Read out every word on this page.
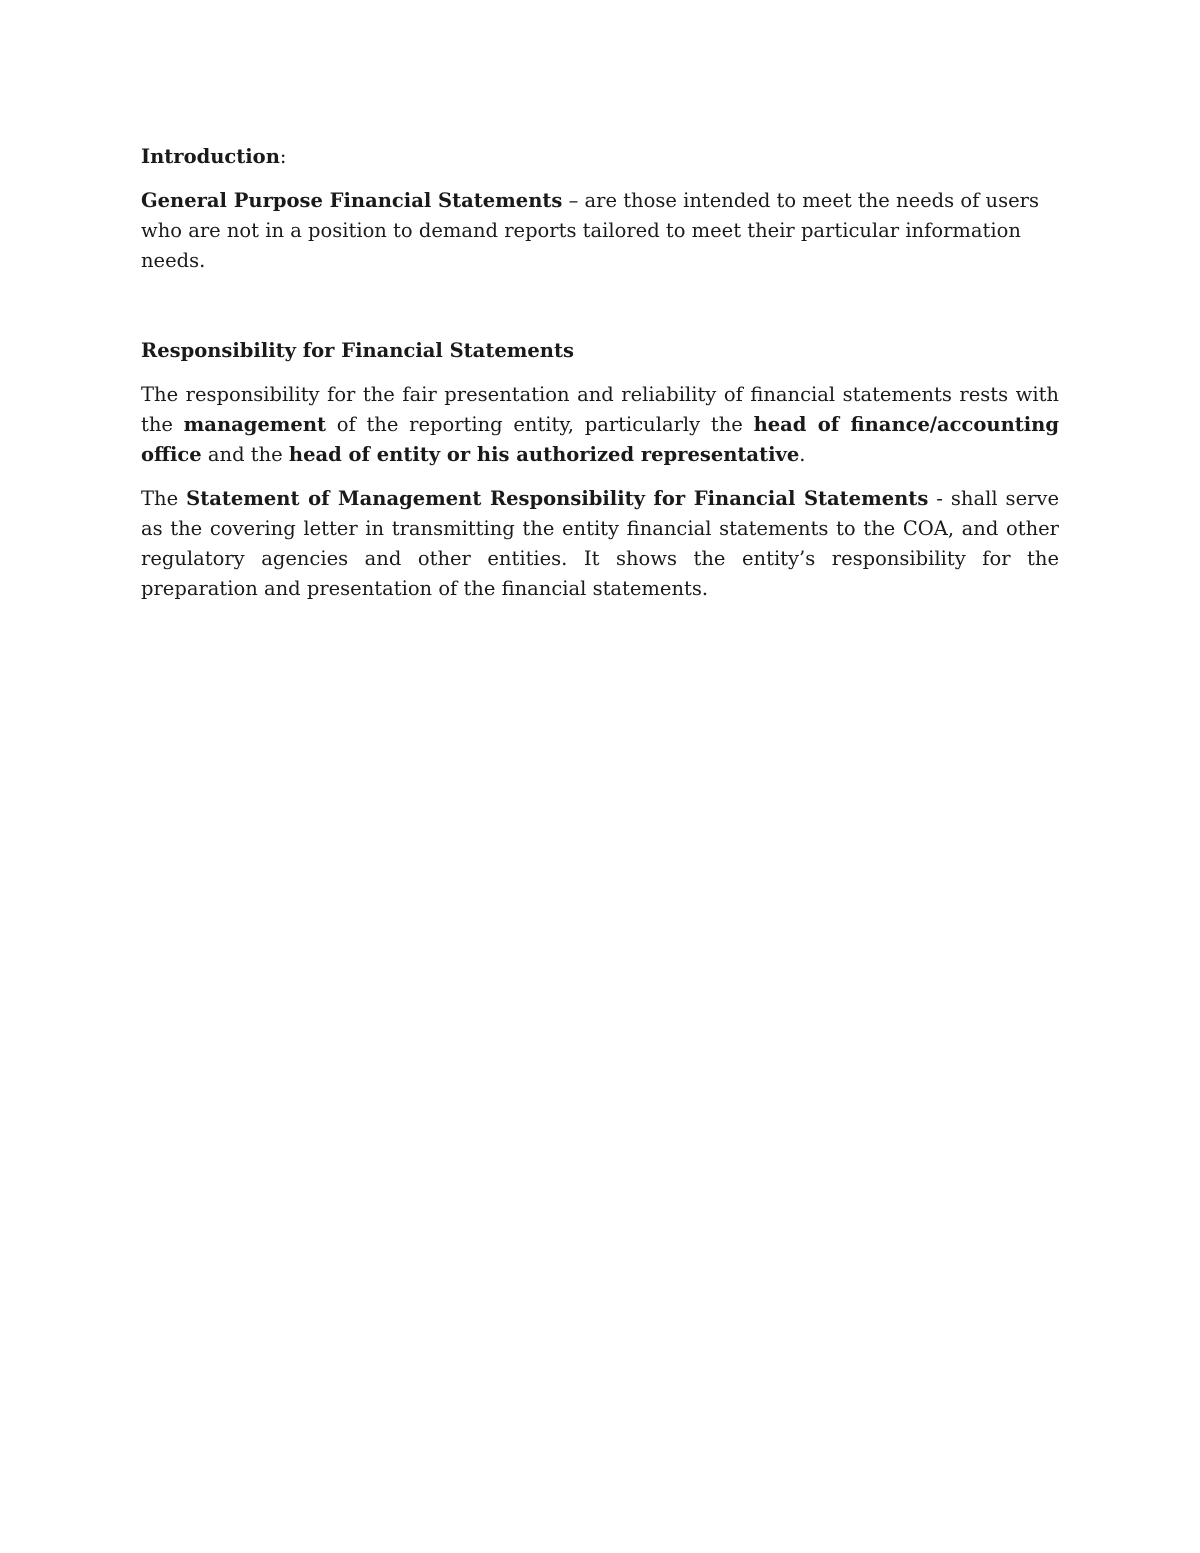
Introduction:

General Purpose Financial Statements – are those intended to meet the needs of users who are not in a position to demand reports tailored to meet their particular information needs.

Responsibility for Financial Statements

The responsibility for the fair presentation and reliability of financial statements rests with the management of the reporting entity, particularly the head of finance/accounting office and the head of entity or his authorized representative.

The Statement of Management Responsibility for Financial Statements - shall serve as the covering letter in transmitting the entity financial statements to the COA, and other regulatory agencies and other entities. It shows the entity’s responsibility for the preparation and presentation of the financial statements.
